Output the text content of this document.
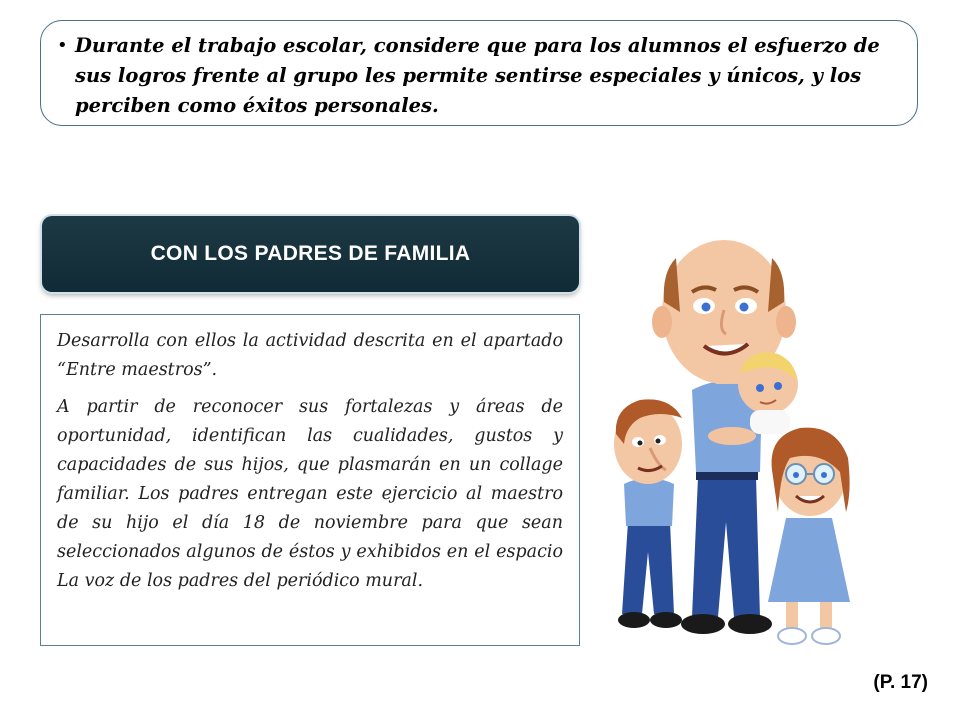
• Durante el trabajo escolar, considere que para los alumnos el esfuerzo de sus logros frente al grupo les permite sentirse especiales y únicos, y los perciben como éxitos personales.
CON LOS PADRES DE FAMILIA

Desarrolla con ellos la actividad descrita en el apartado “Entre maestros”.

A partir de reconocer sus fortalezas y áreas de oportunidad, identifican las cualidades, gustos y capacidades de sus hijos, que plasmarán en un collage familiar. Los padres entregan este ejercicio al maestro de su hijo el día 18 de noviembre para que sean seleccionados algunos de éstos y exhibidos en el espacio La voz de los padres del periódico mural.

(P. 17)
